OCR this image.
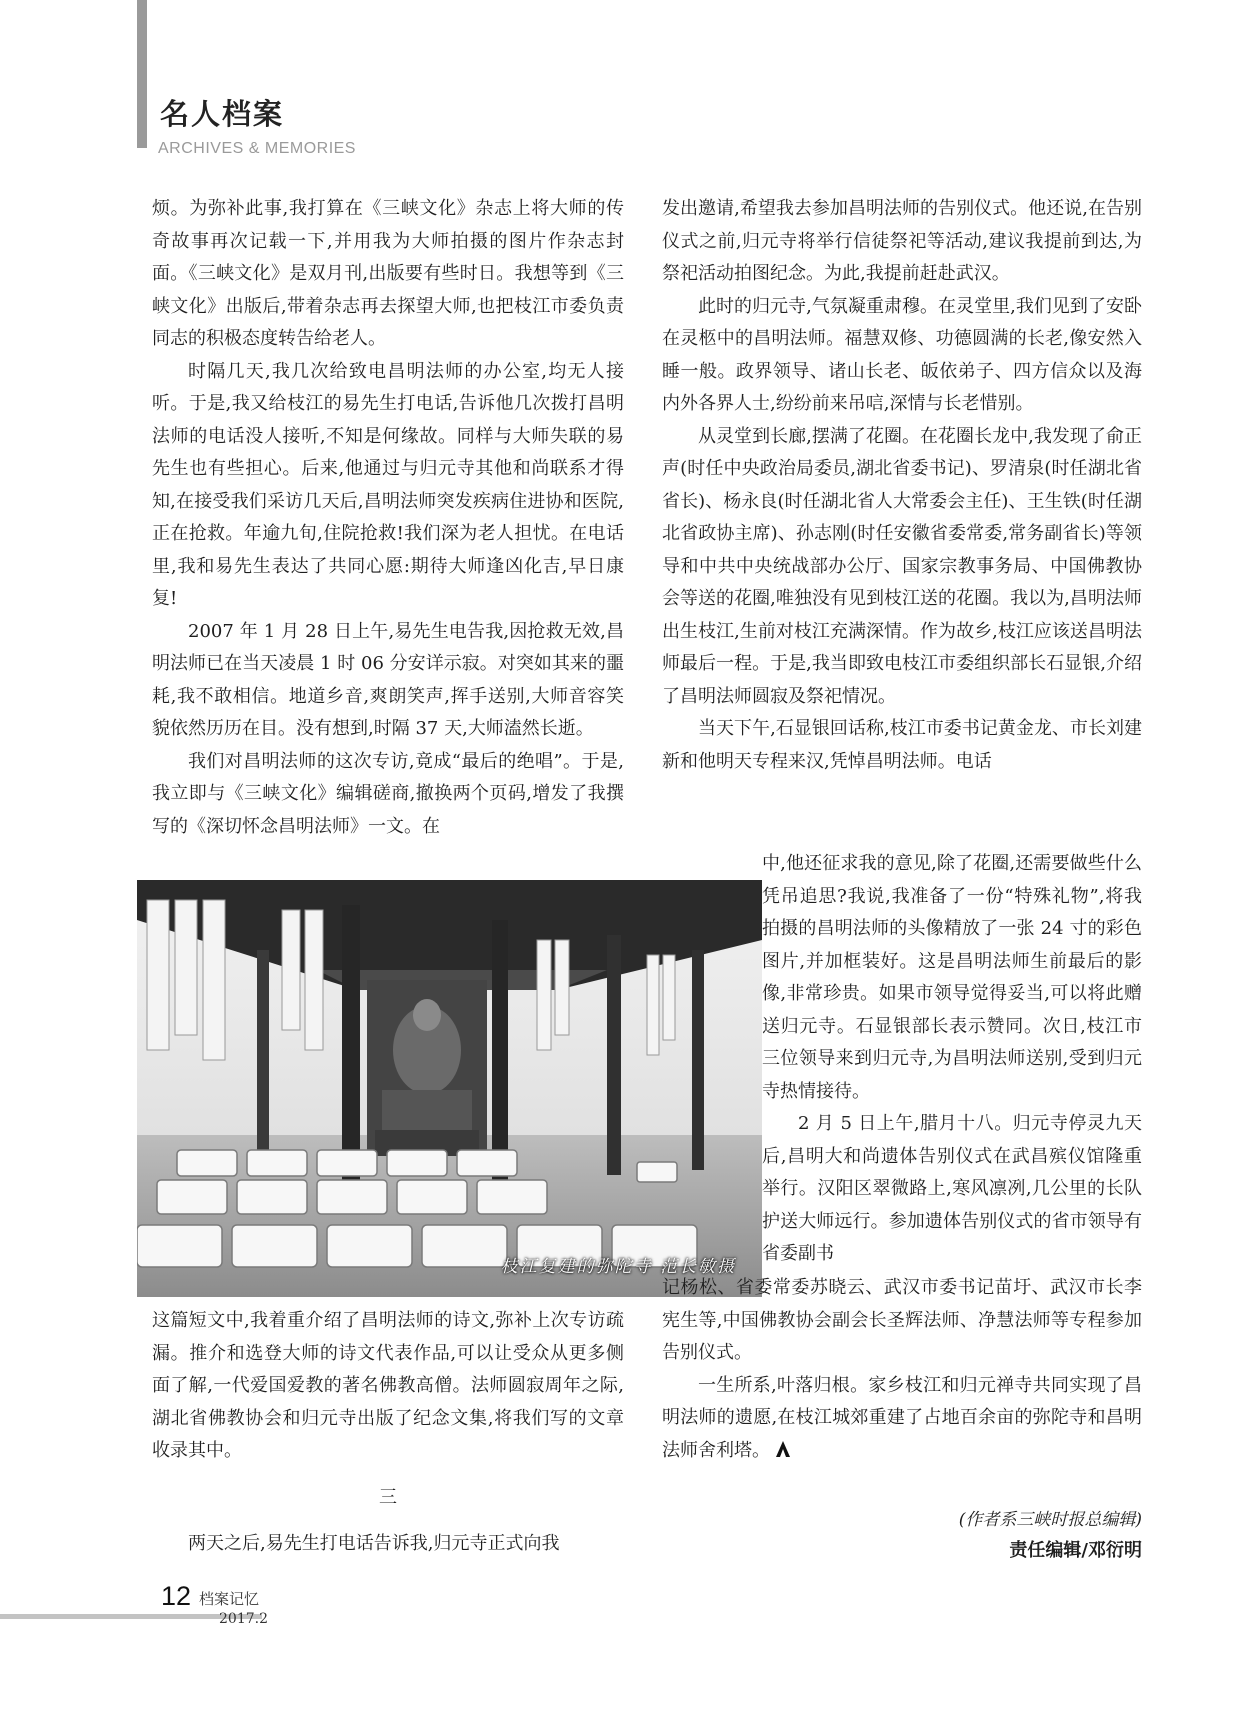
名人档案
ARCHIVES & MEMORIES

烦。为弥补此事,我打算在《三峡文化》杂志上将大师的传奇故事再次记载一下,并用我为大师拍摄的图片作杂志封面。《三峡文化》是双月刊,出版要有些时日。我想等到《三峡文化》出版后,带着杂志再去探望大师,也把枝江市委负责同志的积极态度转告给老人。

时隔几天,我几次给致电昌明法师的办公室,均无人接听。于是,我又给枝江的易先生打电话,告诉他几次拨打昌明法师的电话没人接听,不知是何缘故。同样与大师失联的易先生也有些担心。后来,他通过与归元寺其他和尚联系才得知,在接受我们采访几天后,昌明法师突发疾病住进协和医院,正在抢救。年逾九旬,住院抢救!我们深为老人担忧。在电话里,我和易先生表达了共同心愿:期待大师逢凶化吉,早日康复!

2007 年 1 月 28 日上午,易先生电告我,因抢救无效,昌明法师已在当天凌晨 1 时 06 分安详示寂。对突如其来的噩耗,我不敢相信。地道乡音,爽朗笑声,挥手送别,大师音容笑貌依然历历在目。没有想到,时隔 37 天,大师溘然长逝。

我们对昌明法师的这次专访,竟成“最后的绝唱”。于是,我立即与《三峡文化》编辑磋商,撤换两个页码,增发了我撰写的《深切怀念昌明法师》一文。在

枝江复建的弥陀寺 范长敏摄

这篇短文中,我着重介绍了昌明法师的诗文,弥补上次专访疏漏。推介和选登大师的诗文代表作品,可以让受众从更多侧面了解,一代爱国爱教的著名佛教高僧。法师圆寂周年之际,湖北省佛教协会和归元寺出版了纪念文集,将我们写的文章收录其中。

三

两天之后,易先生打电话告诉我,归元寺正式向我

发出邀请,希望我去参加昌明法师的告别仪式。他还说,在告别仪式之前,归元寺将举行信徒祭祀等活动,建议我提前到达,为祭祀活动拍图纪念。为此,我提前赶赴武汉。

此时的归元寺,气氛凝重肃穆。在灵堂里,我们见到了安卧在灵柩中的昌明法师。福慧双修、功德圆满的长老,像安然入睡一般。政界领导、诸山长老、皈依弟子、四方信众以及海内外各界人士,纷纷前来吊唁,深情与长老惜别。

从灵堂到长廊,摆满了花圈。在花圈长龙中,我发现了俞正声(时任中央政治局委员,湖北省委书记)、罗清泉(时任湖北省省长)、杨永良(时任湖北省人大常委会主任)、王生铁(时任湖北省政协主席)、孙志刚(时任安徽省委常委,常务副省长)等领导和中共中央统战部办公厅、国家宗教事务局、中国佛教协会等送的花圈,唯独没有见到枝江送的花圈。我以为,昌明法师出生枝江,生前对枝江充满深情。作为故乡,枝江应该送昌明法师最后一程。于是,我当即致电枝江市委组织部长石显银,介绍了昌明法师圆寂及祭祀情况。

当天下午,石显银回话称,枝江市委书记黄金龙、市长刘建新和他明天专程来汉,凭悼昌明法师。电话

中,他还征求我的意见,除了花圈,还需要做些什么凭吊追思?我说,我准备了一份“特殊礼物”,将我拍摄的昌明法师的头像精放了一张 24 寸的彩色图片,并加框装好。这是昌明法师生前最后的影像,非常珍贵。如果市领导觉得妥当,可以将此赠送归元寺。石显银部长表示赞同。次日,枝江市三位领导来到归元寺,为昌明法师送别,受到归元寺热情接待。

2 月 5 日上午,腊月十八。归元寺停灵九天后,昌明大和尚遗体告别仪式在武昌殡仪馆隆重举行。汉阳区翠微路上,寒风凛冽,几公里的长队护送大师远行。参加遗体告别仪式的省市领导有省委副书

记杨松、省委常委苏晓云、武汉市委书记苗圩、武汉市长李宪生等,中国佛教协会副会长圣辉法师、净慧法师等专程参加告别仪式。

一生所系,叶落归根。家乡枝江和归元禅寺共同实现了昌明法师的遗愿,在枝江城郊重建了占地百余亩的弥陀寺和昌明法师舍利塔。

(作者系三峡时报总编辑)
责任编辑/邓衍明
12 档案记忆
2017.2
